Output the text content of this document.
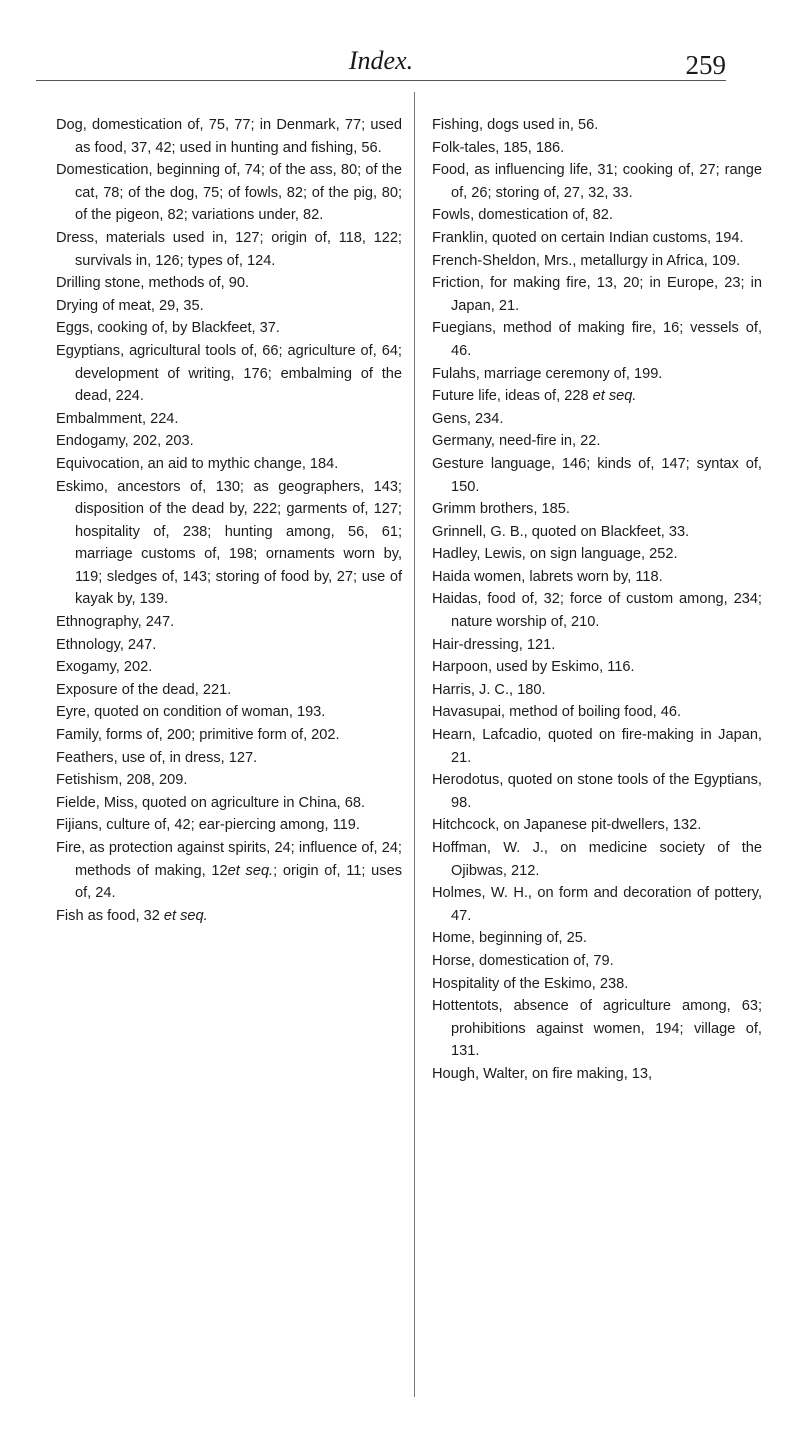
Index.	259

Dog, domestication of, 75, 77; in Denmark, 77; used as food, 37, 42; used in hunting and fishing, 56.

Domestication, beginning of, 74; of the ass, 80; of the cat, 78; of the dog, 75; of fowls, 82; of the pig, 80; of the pigeon, 82; variations under, 82.

Dress, materials used in, 127; origin of, 118, 122; survivals in, 126; types of, 124.

Drilling stone, methods of, 90.

Drying of meat, 29, 35.

Eggs, cooking of, by Blackfeet, 37.

Egyptians, agricultural tools of, 66; agriculture of, 64; development of writing, 176; embalming of the dead, 224.

Embalmment, 224.

Endogamy, 202, 203.

Equivocation, an aid to mythic change, 184.

Eskimo, ancestors of, 130; as geographers, 143; disposition of the dead by, 222; garments of, 127; hospitality of, 238; hunting among, 56, 61; marriage customs of, 198; ornaments worn by, 119; sledges of, 143; storing of food by, 27; use of kayak by, 139.

Ethnography, 247.

Ethnology, 247.

Exogamy, 202.

Exposure of the dead, 221.

Eyre, quoted on condition of woman, 193.

Family, forms of, 200; primitive form of, 202.

Feathers, use of, in dress, 127.

Fetishism, 208, 209.

Fielde, Miss, quoted on agriculture in China, 68.

Fijians, culture of, 42; ear-piercing among, 119.

Fire, as protection against spirits, 24; influence of, 24; methods of making, 12et seq.; origin of, 11; uses of, 24.

Fish as food, 32 et seq.

Fishing, dogs used in, 56.

Folk-tales, 185, 186.

Food, as influencing life, 31; cooking of, 27; range of, 26; storing of, 27, 32, 33.

Fowls, domestication of, 82.

Franklin, quoted on certain Indian customs, 194.

French-Sheldon, Mrs., metallurgy in Africa, 109.

Friction, for making fire, 13, 20; in Europe, 23; in Japan, 21.

Fuegians, method of making fire, 16; vessels of, 46.

Fulahs, marriage ceremony of, 199.

Future life, ideas of, 228 et seq.

Gens, 234.

Germany, need-fire in, 22.

Gesture language, 146; kinds of, 147; syntax of, 150.

Grimm brothers, 185.

Grinnell, G. B., quoted on Blackfeet, 33.

Hadley, Lewis, on sign language, 252.

Haida women, labrets worn by, 118.

Haidas, food of, 32; force of custom among, 234; nature worship of, 210.

Hair-dressing, 121.

Harpoon, used by Eskimo, 116.

Harris, J. C., 180.

Havasupai, method of boiling food, 46.

Hearn, Lafcadio, quoted on fire-making in Japan, 21.

Herodotus, quoted on stone tools of the Egyptians, 98.

Hitchcock, on Japanese pit-dwellers, 132.

Hoffman, W. J., on medicine society of the Ojibwas, 212.

Holmes, W. H., on form and decoration of pottery, 47.

Home, beginning of, 25.

Horse, domestication of, 79.

Hospitality of the Eskimo, 238.

Hottentots, absence of agriculture among, 63; prohibitions against women, 194; village of, 131.

Hough, Walter, on fire making, 13,
